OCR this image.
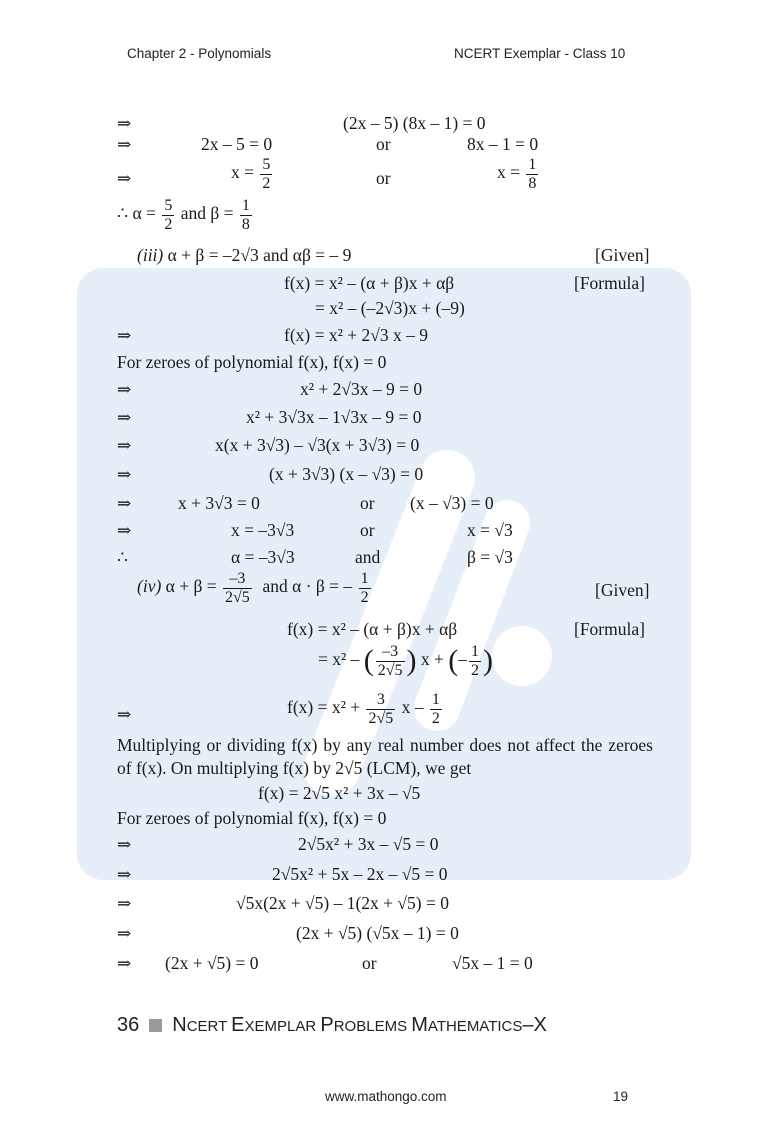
Chapter 2 - Polynomials	NCERT Exemplar - Class 10
⇒	(2x – 5) (8x – 1) = 0
⇒	2x – 5 = 0	or	8x – 1 = 0
⇒	$x = \frac{5}{2}$	or	$x = \frac{1}{8}$
∴ $\alpha = \frac{5}{2}$ and $\beta = \frac{1}{8}$
(iii) α + β = –2√3 and αβ = – 9	[Given]
f(x) = x² – (α + β)x + αβ	[Formula]
= x² – (–2√3)x + (–9)
⇒	f(x) = x² + 2√3 x – 9
For zeroes of polynomial f(x), f(x) = 0
⇒	x² + 2√3x – 9 = 0
⇒	x² + 3√3x – 1√3x – 9 = 0
⇒	x(x + 3√3) – √3(x + 3√3) = 0
⇒	(x + 3√3) (x – √3) = 0
⇒	x + 3√3 = 0	or (x – √3) = 0
⇒	x = –3√3	or	x = √3
∴	α = –3√3	and	β = √3
(iv) $\alpha + \beta = \frac{-3}{2√5}$ and α · β = – $\frac{1}{2}$	[Given]
f(x) = x² – (α + β)x + αβ	[Formula]
= x² – ( $\frac{-3}{2√5}$ ) x + (– $\frac{1}{2}$ )
⇒	$f(x) = x^2 + \frac{3}{2√5}$ x – $\frac{1}{2}$
Multiplying or dividing f(x) by any real number does not affect the zeroes of f(x). On multiplying f(x) by 2√5 (LCM), we get
f(x) = 2√5 x² + 3x – √5
For zeroes of polynomial f(x), f(x) = 0
⇒	2√5x² + 3x – √5 = 0
⇒	2√5x² + 5x – 2x – √5 = 0
⇒	√5x(2x + √5) – 1(2x + √5) = 0
⇒	(2x + √5) (√5x – 1) = 0
⇒ (2x + √5) = 0	or	√5x – 1 = 0
36 NCERT EXEMPLAR PROBLEMS MATHEMATICS–X
www.mathongo.com	19
